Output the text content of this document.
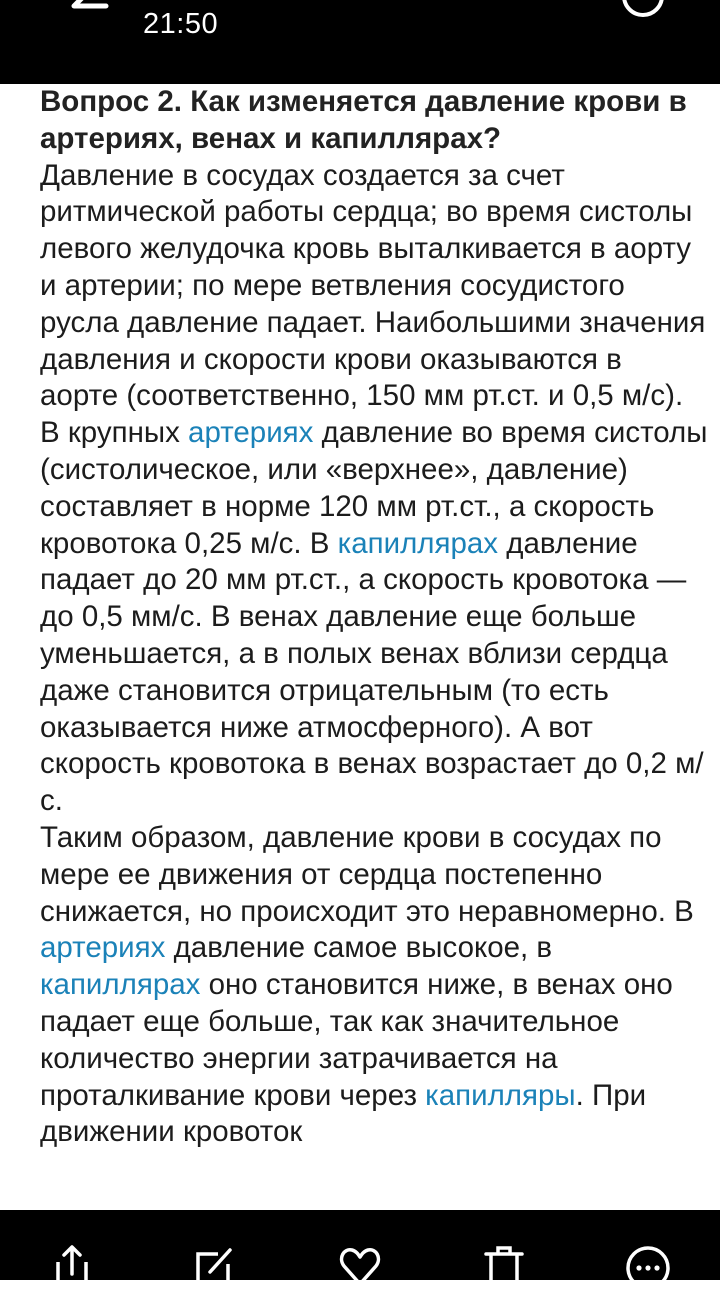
21:50

Вопрос 2. Как изменяется давление крови в артериях, венах и капиллярах?

Давление в сосудах создается за счет ритмической работы сердца; во время систолы левого желудочка кровь выталкивается в аорту и артерии; по мере ветвления сосудистого русла давление падает. Наибольшими значения давления и скорости крови оказываются в аорте (соответственно, 150 мм рт.ст. и 0,5 м/с). В крупных артериях давление во время систолы (систолическое, или «верхнее», давление) составляет в норме 120 мм рт.ст., а скорость кровотока 0,25 м/с. В капиллярах давление падает до 20 мм рт.ст., а скорость кровотока — до 0,5 мм/с. В венах давление еще больше уменьшается, а в полых венах вблизи сердца даже становится отрицательным (то есть оказывается ниже атмосферного). А вот скорость кровотока в венах возрастает до 0,2 м/с.

Таким образом, давление крови в сосудах по мере ее движения от сердца постепенно снижается, но происходит это неравномерно. В артериях давление самое высокое, в капиллярах оно становится ниже, в венах оно падает еще больше, так как значительное количество энергии затрачивается на проталкивание крови через капилляры. При движении кровоток
